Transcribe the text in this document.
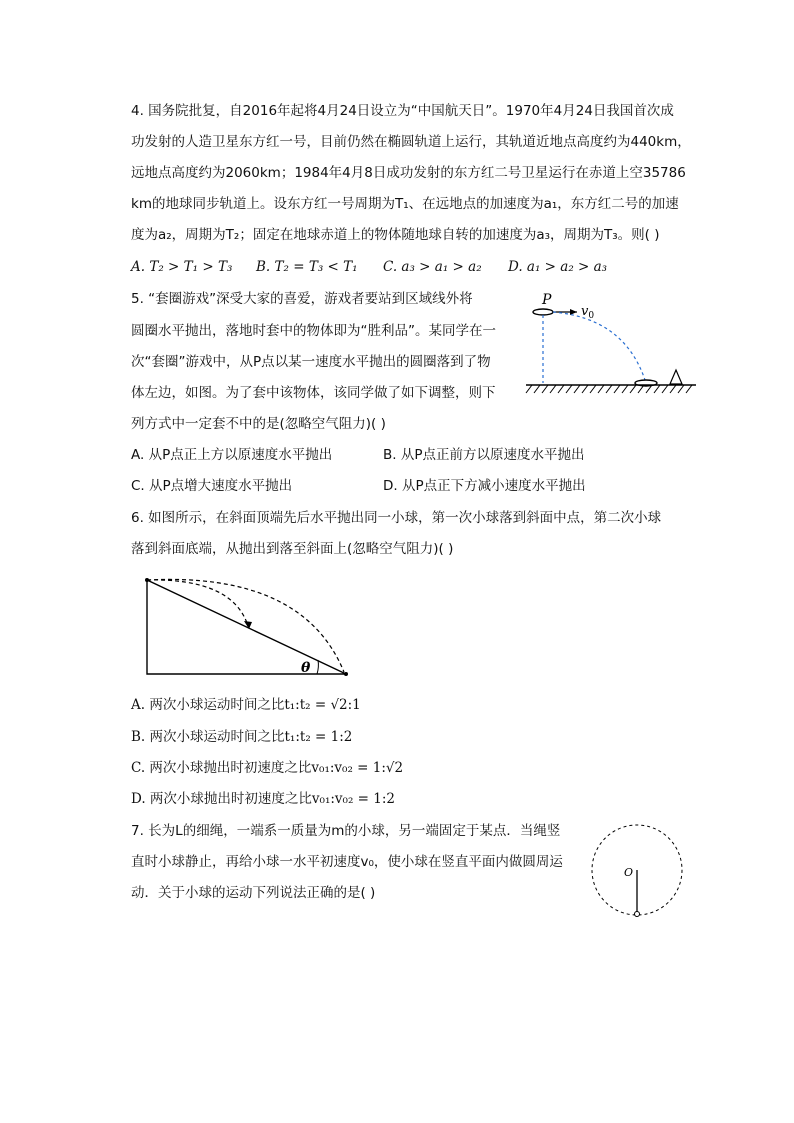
4. 国务院批复，自2016年起将4月24日设立为“中国航天日”。1970年4月24日我国首次成
功发射的人造卫星东方红一号，目前仍然在椭圆轨道上运行，其轨道近地点高度约为440km，
远地点高度约为2060km；1984年4月8日成功发射的东方红二号卫星运行在赤道上空35786
km的地球同步轨道上。设东方红一号周期为T₁、在远地点的加速度为a₁，东方红二号的加速
度为a₂，周期为T₂；固定在地球赤道上的物体随地球自转的加速度为a₃，周期为T₃。则( )
A. T₂ > T₁ > T₃ B. T₂ = T₃ < T₁ C. a₃ > a₁ > a₂ D. a₁ > a₂ > a₃
5. “套圈游戏”深受大家的喜爱，游戏者要站到区域线外将
圆圈水平抛出，落地时套中的物体即为“胜利品”。某同学在一
次“套圈”游戏中，从P点以某一速度水平抛出的圆圈落到了物
体左边，如图。为了套中该物体，该同学做了如下调整，则下
列方式中一定套不中的是(忽略空气阻力)( )
P
$v_0$
A. 从P点正上方以原速度水平抛出	B. 从P点正前方以原速度水平抛出
C. 从P点增大速度水平抛出	D. 从P点正下方减小速度水平抛出
6. 如图所示，在斜面顶端先后水平抛出同一小球，第一次小球落到斜面中点，第二次小球
落到斜面底端，从抛出到落至斜面上(忽略空气阻力)( )
θ
A. 两次小球运动时间之比t₁:t₂ = √2:1
B. 两次小球运动时间之比t₁:t₂ = 1:2
C. 两次小球抛出时初速度之比v₀₁:v₀₂ = 1:√2
D. 两次小球抛出时初速度之比v₀₁:v₀₂ = 1:2
7. 长为L的细绳，一端系一质量为m的小球，另一端固定于某点．当绳竖
直时小球静止，再给小球一水平初速度v₀，使小球在竖直平面内做圆周运
动．关于小球的运动下列说法正确的是( )
O
